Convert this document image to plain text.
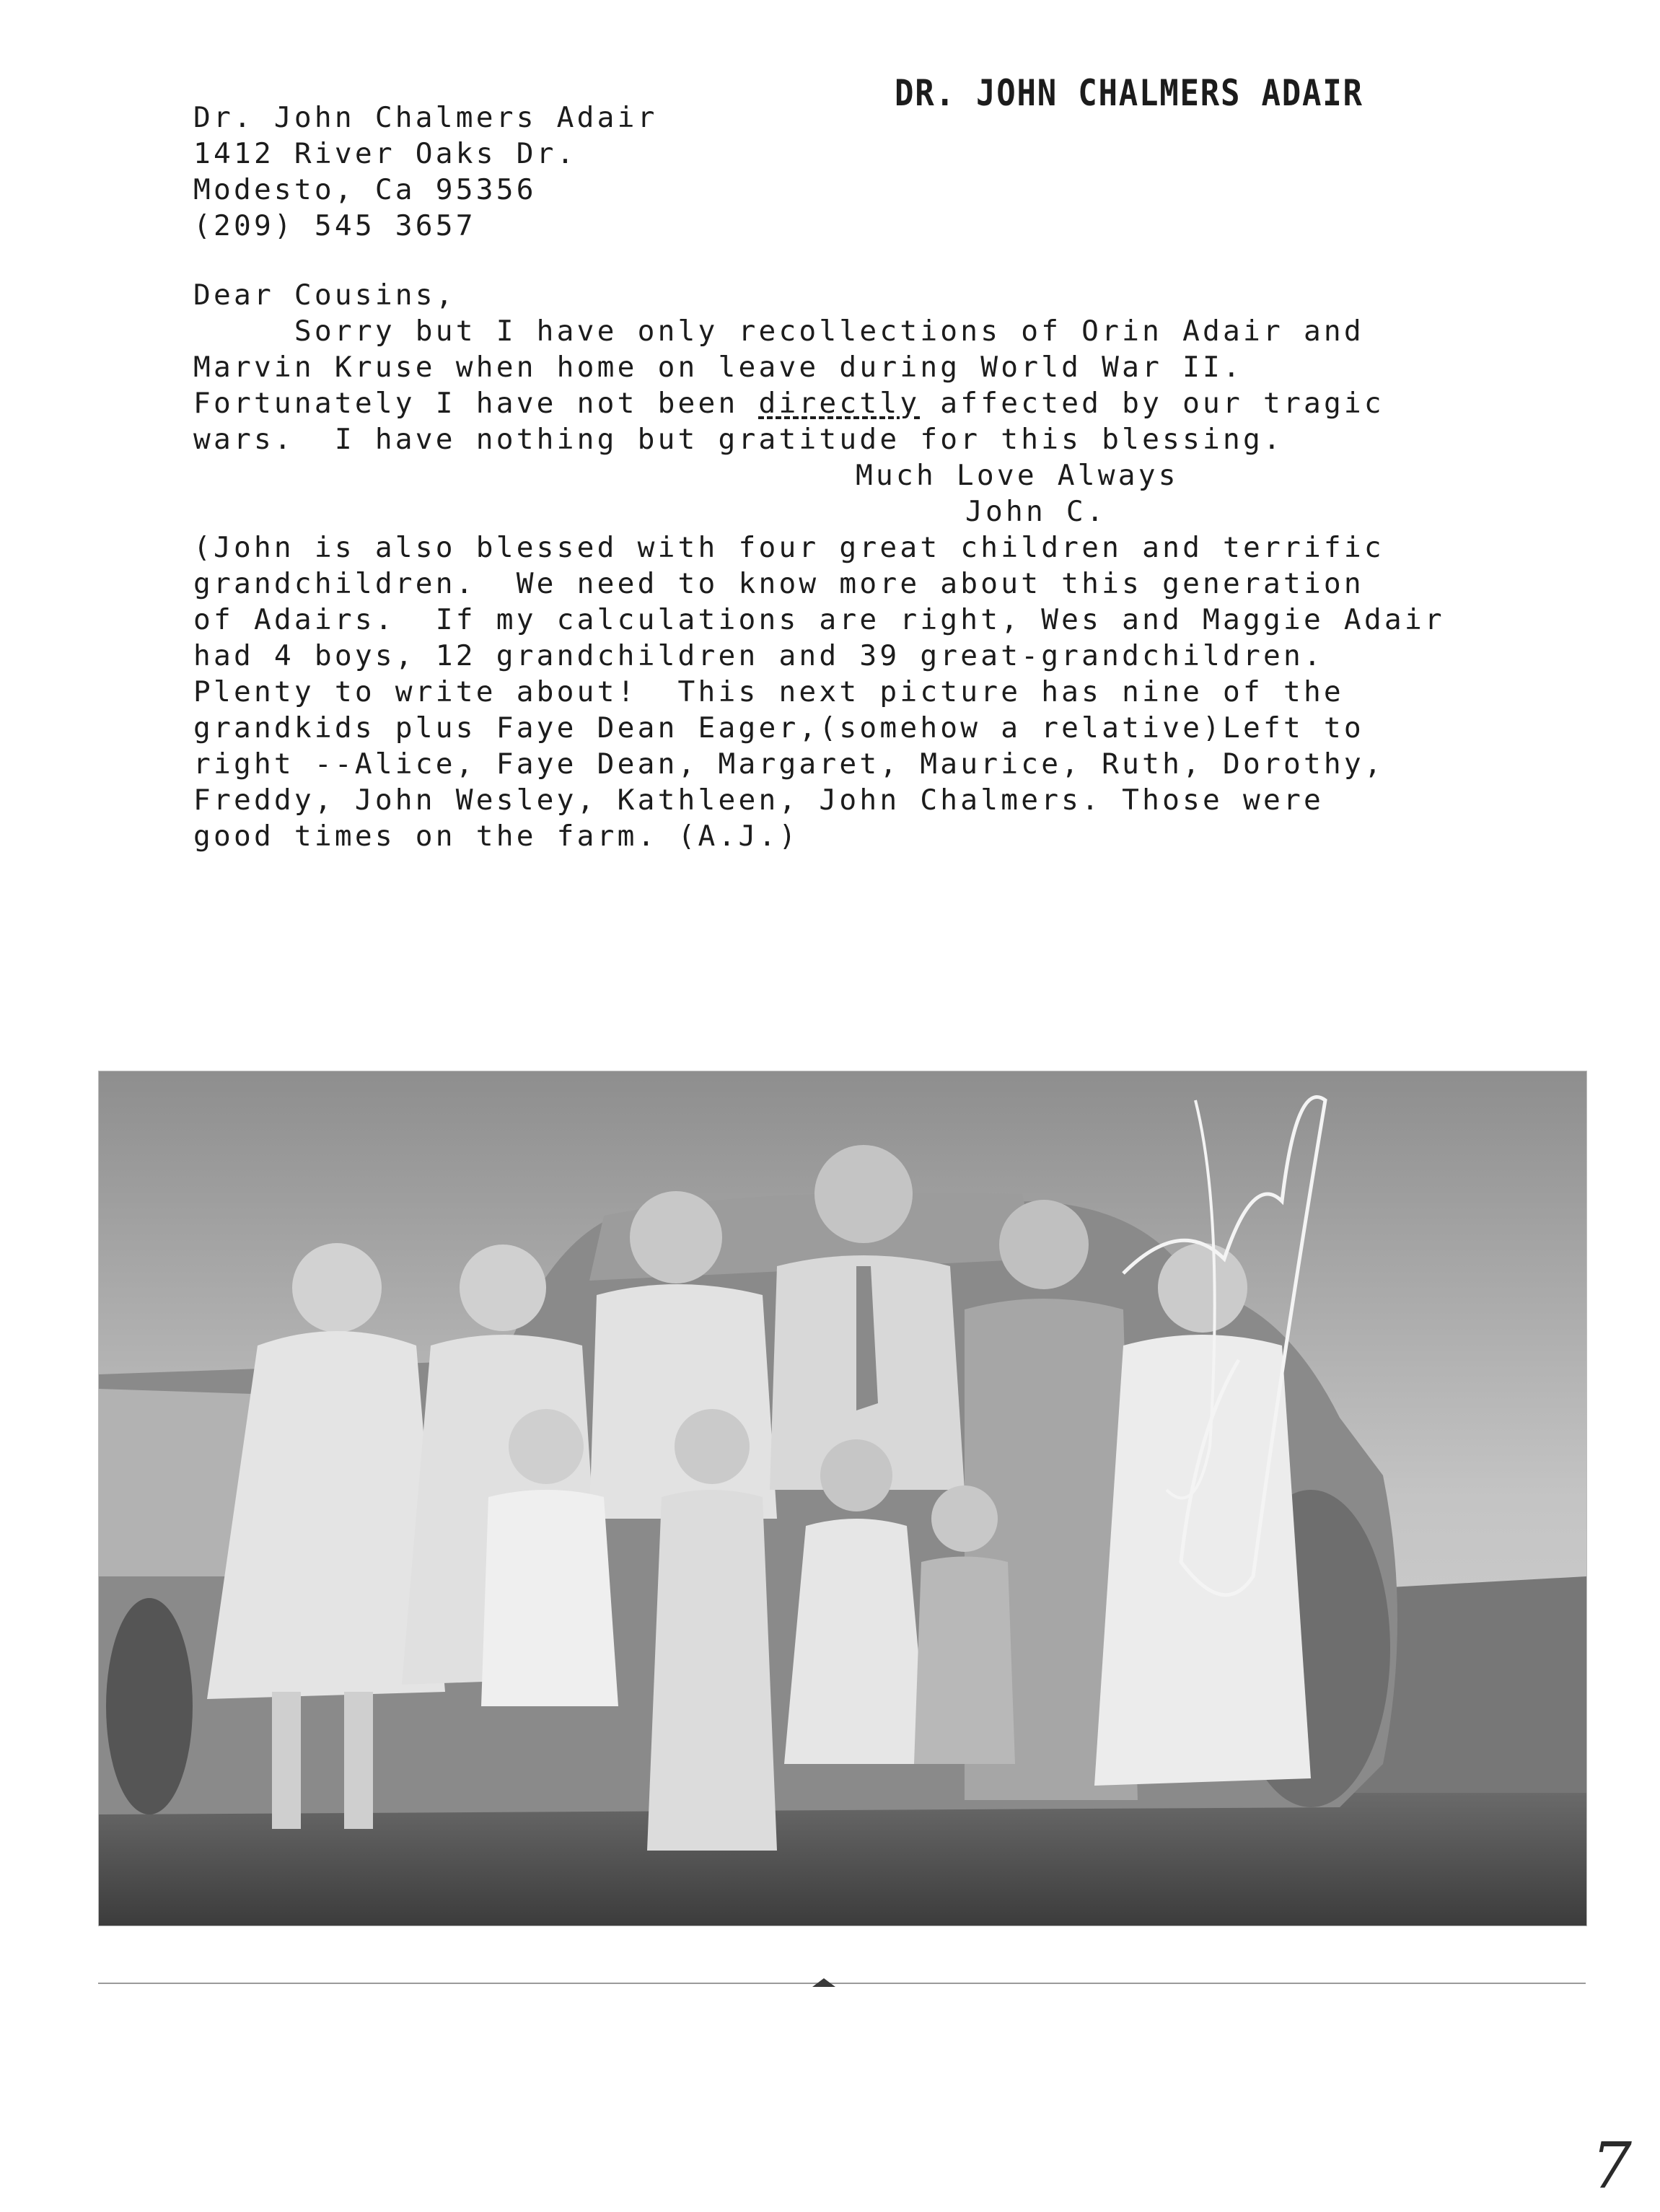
DR. JOHN CHALMERS ADAIR
Dr. John Chalmers Adair
1412 River Oaks Dr.
Modesto, Ca 95356
(209) 545 3657
Dear Cousins,
Sorry but I have only recollections of Orin Adair and
Marvin Kruse when home on leave during World War II.
Fortunately I have not been directly affected by our tragic
wars.  I have nothing but gratitude for this blessing.
Much Love Always
John C.
(John is also blessed with four great children and terrific
grandchildren.  We need to know more about this generation
of Adairs.  If my calculations are right, Wes and Maggie Adair
had 4 boys, 12 grandchildren and 39 great-grandchildren.
Plenty to write about!  This next picture has nine of the
grandkids plus Faye Dean Eager,(somehow a relative)Left to
right --Alice, Faye Dean, Margaret, Maurice, Ruth, Dorothy,
Freddy, John Wesley, Kathleen, John Chalmers. Those were
good times on the farm. (A.J.)
7
